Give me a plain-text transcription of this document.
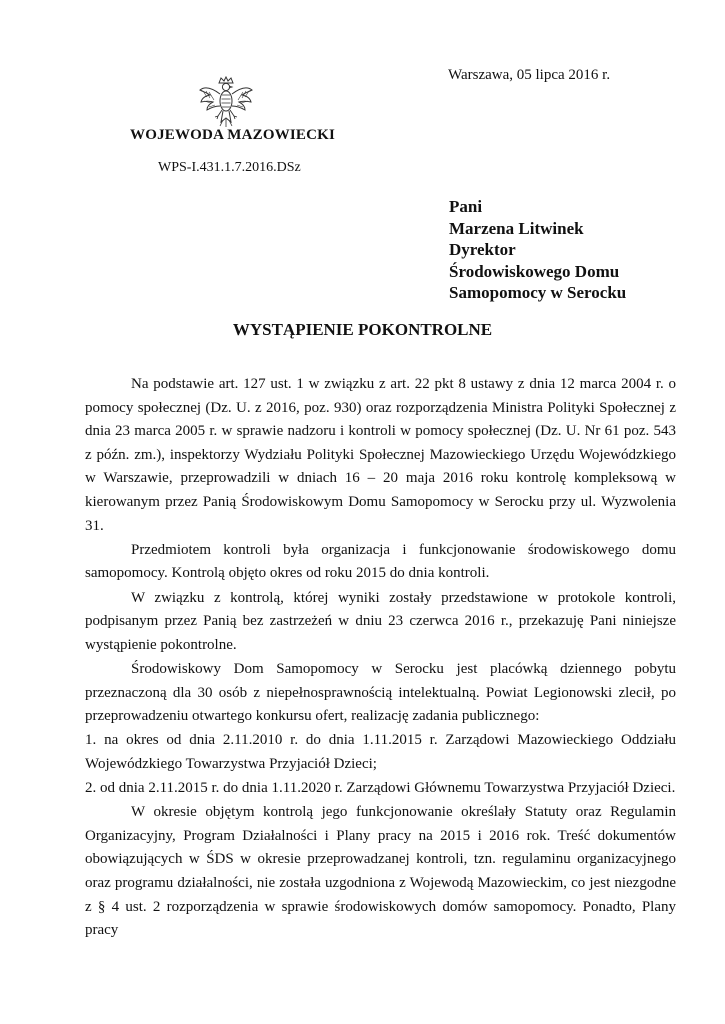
Warszawa, 05 lipca 2016 r.
WOJEWODA MAZOWIECKI
WPS-I.431.1.7.2016.DSz
Pani
Marzena Litwinek
Dyrektor
Środowiskowego Domu
Samopomocy w Serocku
WYSTĄPIENIE POKONTROLNE

Na podstawie art. 127 ust. 1 w związku z art. 22 pkt 8 ustawy z dnia 12 marca 2004 r. o pomocy społecznej (Dz. U. z 2016, poz. 930) oraz rozporządzenia Ministra Polityki Społecznej z dnia 23 marca 2005 r. w sprawie nadzoru i kontroli w pomocy społecznej (Dz. U. Nr 61 poz. 543 z późn. zm.), inspektorzy Wydziału Polityki Społecznej Mazowieckiego Urzędu Wojewódzkiego w Warszawie, przeprowadzili w dniach 16 – 20 maja 2016 roku kontrolę kompleksową w kierowanym przez Panią Środowiskowym Domu Samopomocy w Serocku przy ul. Wyzwolenia 31.

Przedmiotem kontroli była organizacja i funkcjonowanie środowiskowego domu samopomocy. Kontrolą objęto okres od roku 2015 do dnia kontroli.

W związku z kontrolą, której wyniki zostały przedstawione w protokole kontroli, podpisanym przez Panią bez zastrzeżeń w dniu 23 czerwca 2016 r., przekazuję Pani niniejsze wystąpienie pokontrolne.

Środowiskowy Dom Samopomocy w Serocku jest placówką dziennego pobytu przeznaczoną dla 30 osób z niepełnosprawnością intelektualną. Powiat Legionowski zlecił, po przeprowadzeniu otwartego konkursu ofert, realizację zadania publicznego:

1. na okres od dnia 2.11.2010 r. do dnia 1.11.2015 r. Zarządowi Mazowieckiego Oddziału Wojewódzkiego Towarzystwa Przyjaciół Dzieci;

2. od dnia 2.11.2015 r. do dnia 1.11.2020 r. Zarządowi Głównemu Towarzystwa Przyjaciół Dzieci.

W okresie objętym kontrolą jego funkcjonowanie określały Statuty oraz Regulamin Organizacyjny, Program Działalności i Plany pracy na 2015 i 2016 rok. Treść dokumentów obowiązujących w ŚDS w okresie przeprowadzanej kontroli, tzn. regulaminu organizacyjnego oraz programu działalności, nie została uzgodniona z Wojewodą Mazowieckim, co jest niezgodne z § 4 ust. 2 rozporządzenia w sprawie środowiskowych domów samopomocy. Ponadto, Plany pracy
